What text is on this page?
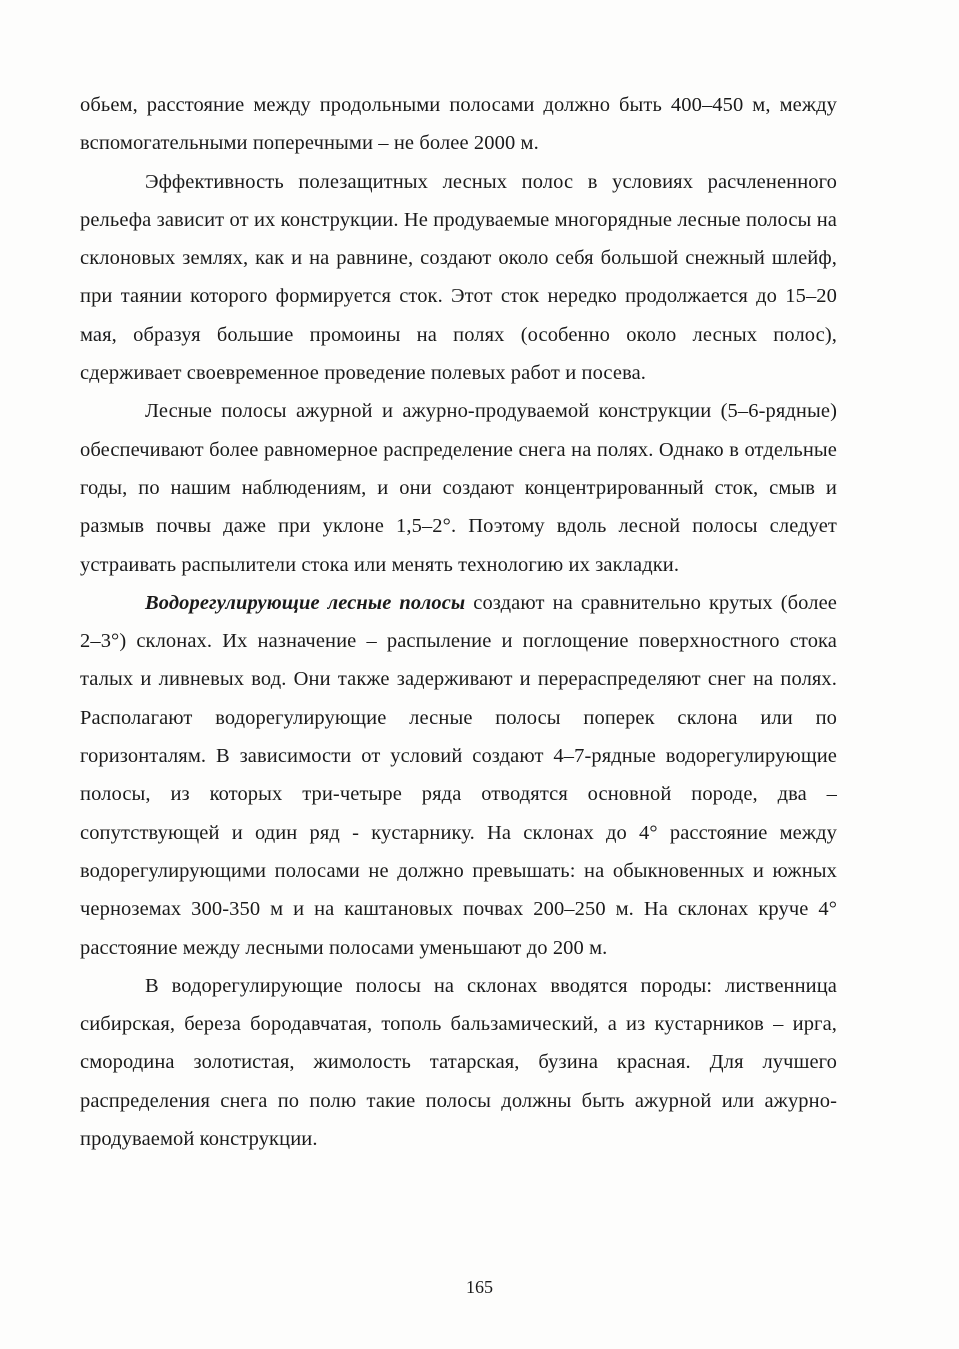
обьем, расстояние между продольными полосами должно быть 400–450 м, между вспомогательными поперечными – не более 2000 м.

Эффективность полезащитных лесных полос в условиях расчлененного рельефа зависит от их конструкции. Не продуваемые многорядные лесные полосы на склоновых землях, как и на равнине, создают около себя большой снежный шлейф, при таянии которого формируется сток. Этот сток нередко продолжается до 15–20 мая, образуя большие промоины на полях (особенно около лесных полос), сдерживает своевременное проведение полевых работ и посева.

Лесные полосы ажурной и ажурно-продуваемой конструкции (5–6-рядные) обеспечивают более равномерное распределение снега на полях. Однако в отдельные годы, по нашим наблюдениям, и они создают концентрированный сток, смыв и размыв почвы даже при уклоне 1,5–2°. Поэтому вдоль лесной полосы следует устраивать распылители стока или менять технологию их закладки.

Водорегулирующие лесные полосы создают на сравнительно крутых (более 2–3°) склонах. Их назначение – распыление и поглощение поверхностного стока талых и ливневых вод. Они также задерживают и перераспределяют снег на полях. Располагают водорегулирующие лесные полосы поперек склона или по горизонталям. В зависимости от условий создают 4–7-рядные водорегулирующие полосы, из которых три-четыре ряда отводятся основной породе, два – сопутствующей и один ряд - кустарнику. На склонах до 4° расстояние между водорегулирующими полосами не должно превышать: на обыкновенных и южных черноземах 300-350 м и на каштановых почвах 200–250 м. На склонах круче 4° расстояние между лесными полосами уменьшают до 200 м.

В водорегулирующие полосы на склонах вводятся породы: лиственница сибирская, береза бородавчатая, тополь бальзамический, а из кустарников – ирга, смородина золотистая, жимолость татарская, бузина красная. Для лучшего распределения снега по полю такие полосы должны быть ажурной или ажурно-продуваемой конструкции.

165
